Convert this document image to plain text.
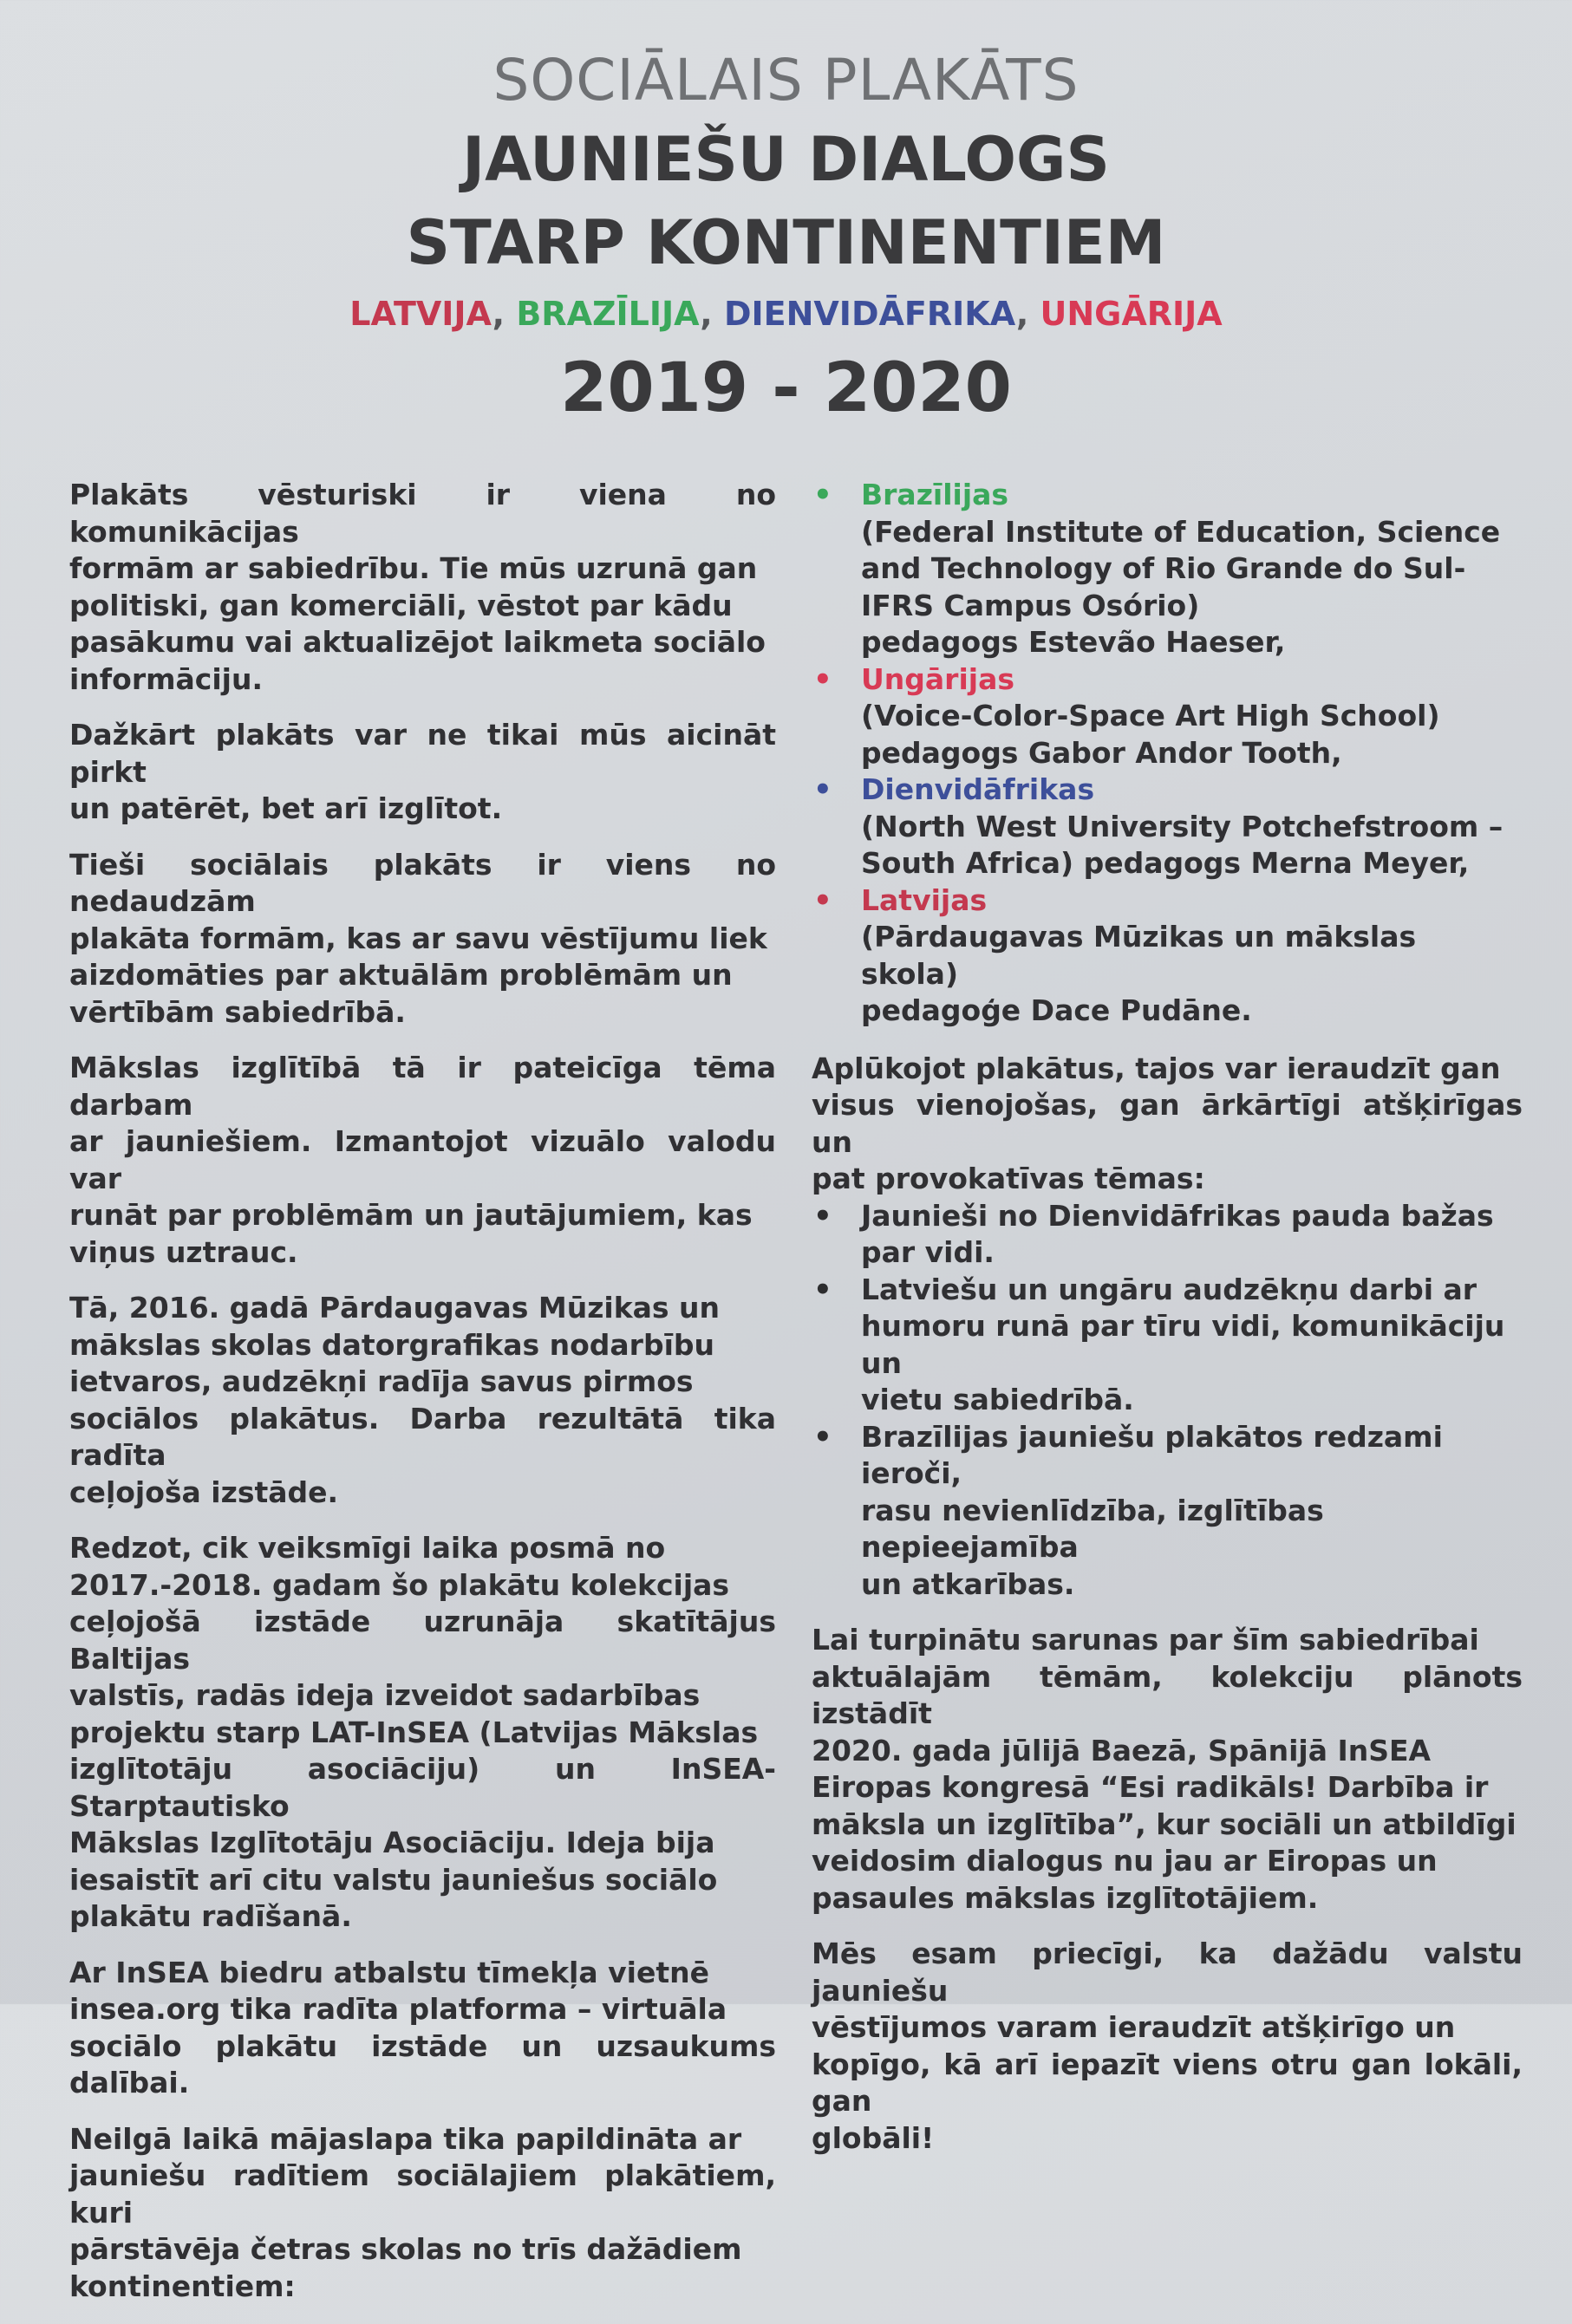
SOCIĀLAIS PLAKĀTS
JAUNIEŠU DIALOGS
STARP KONTINENTIEM
LATVIJA, BRAZĪLIJA, DIENVIDĀFRIKA, UNGĀRIJA
2019 - 2020

Plakāts vēsturiski ir viena no komunikācijas
formām ar sabiedrību. Tie mūs uzrunā gan
politiski, gan komerciāli, vēstot par kādu
pasākumu vai aktualizējot laikmeta sociālo
informāciju.

Dažkārt plakāts var ne tikai mūs aicināt pirkt
un patērēt, bet arī izglītot.

Tieši sociālais plakāts ir viens no nedaudzām
plakāta formām, kas ar savu vēstījumu liek
aizdomāties par aktuālām problēmām un
vērtībām sabiedrībā.

Mākslas izglītībā tā ir pateicīga tēma darbam
ar jauniešiem. Izmantojot vizuālo valodu var
runāt par problēmām un jautājumiem, kas
viņus uztrauc.

Tā, 2016. gadā Pārdaugavas Mūzikas un
mākslas skolas datorgrafikas nodarbību
ietvaros, audzēkņi radīja savus pirmos
sociālos plakātus. Darba rezultātā tika radīta
ceļojoša izstāde.

Redzot, cik veiksmīgi laika posmā no
2017.-2018. gadam šo plakātu kolekcijas
ceļojošā izstāde uzrunāja skatītājus Baltijas
valstīs, radās ideja izveidot sadarbības
projektu starp LAT-InSEA (Latvijas Mākslas
izglītotāju asociāciju) un InSEA-Starptautisko
Mākslas Izglītotāju Asociāciju. Ideja bija
iesaistīt arī citu valstu jauniešus sociālo
plakātu radīšanā.

Ar InSEA biedru atbalstu tīmekļa vietnē
insea.org tika radīta platforma – virtuāla
sociālo plakātu izstāde un uzsaukums dalībai.

Neilgā laikā mājaslapa tika papildināta ar
jauniešu radītiem sociālajiem plakātiem, kuri
pārstāvēja četras skolas no trīs dažādiem
kontinentiem:

• Brazīlijas
(Federal Institute of Education, Science
and Technology of Rio Grande do Sul-
IFRS Campus Osório)
pedagogs Estevão Haeser,
• Ungārijas
(Voice-Color-Space Art High School)
pedagogs Gabor Andor Tooth,
• Dienvidāfrikas
(North West University Potchefstroom –
South Africa) pedagogs Merna Meyer,
• Latvijas
(Pārdaugavas Mūzikas un mākslas skola)
pedagoģe Dace Pudāne.

Aplūkojot plakātus, tajos var ieraudzīt gan
visus vienojošas, gan ārkārtīgi atšķirīgas un
pat provokatīvas tēmas:

• Jaunieši no Dienvidāfrikas pauda bažas
par vidi.
• Latviešu un ungāru audzēkņu darbi ar
humoru runā par tīru vidi, komunikāciju un
vietu sabiedrībā.
• Brazīlijas jauniešu plakātos redzami ieroči,
rasu nevienlīdzība, izglītības nepieejamība
un atkarības.

Lai turpinātu sarunas par šīm sabiedrībai
aktuālajām tēmām, kolekciju plānots izstādīt
2020. gada jūlijā Baezā, Spānijā InSEA
Eiropas kongresā “Esi radikāls! Darbība ir
māksla un izglītība”, kur sociāli un atbildīgi
veidosim dialogus nu jau ar Eiropas un
pasaules mākslas izglītotājiem.

Mēs esam priecīgi, ka dažādu valstu jauniešu
vēstījumos varam ieraudzīt atšķirīgo un
kopīgo, kā arī iepazīt viens otru gan lokāli, gan
globāli!
